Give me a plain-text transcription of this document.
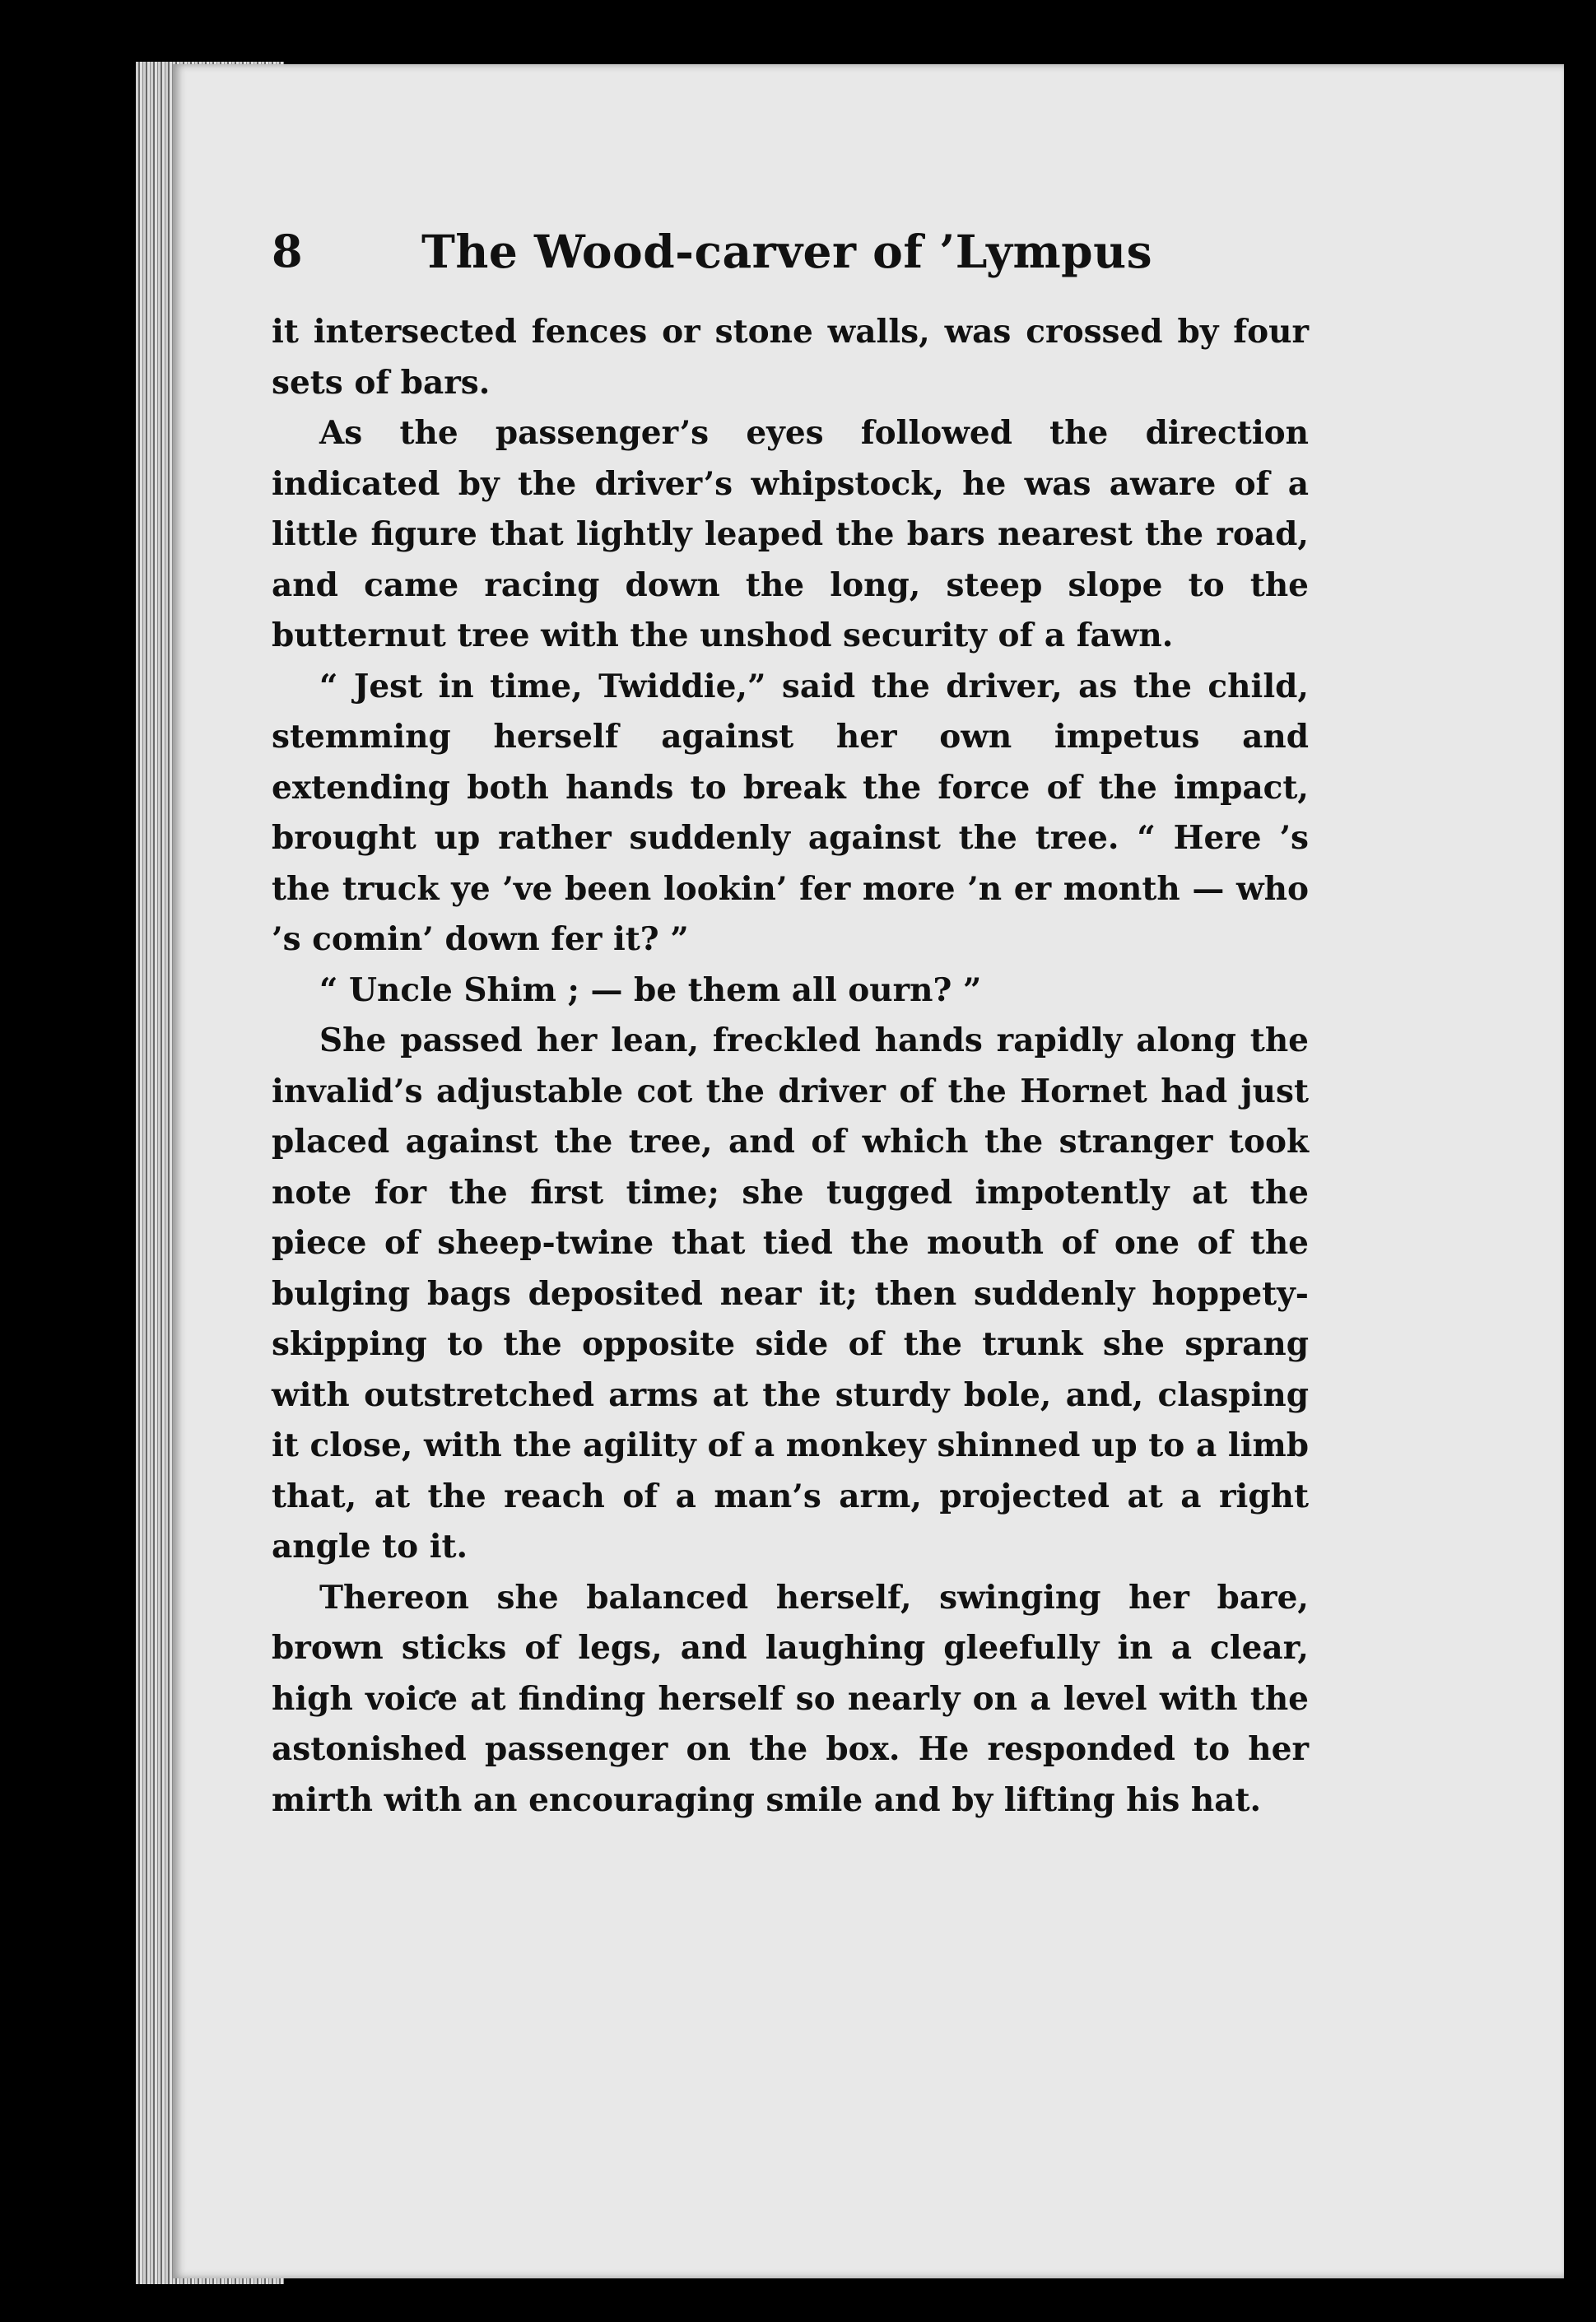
8	The Wood-carver of ’Lympus

it intersected fences or stone walls, was crossed by four sets of bars.

As the passenger’s eyes followed the direction indicated by the driver’s whipstock, he was aware of a little figure that lightly leaped the bars nearest the road, and came racing down the long, steep slope to the butternut tree with the unshod security of a fawn.

“ Jest in time, Twiddie,” said the driver, as the child, stemming herself against her own impetus and extending both hands to break the force of the impact, brought up rather suddenly against the tree. “ Here ’s the truck ye ’ve been lookin’ fer more ’n er month — who ’s comin’ down fer it? ”

“ Uncle Shim ; — be them all ourn? ”

She passed her lean, freckled hands rapidly along the invalid’s adjustable cot the driver of the Hornet had just placed against the tree, and of which the stranger took note for the first time; she tugged impotently at the piece of sheep-twine that tied the mouth of one of the bulging bags deposited near it; then suddenly hoppety-skipping to the opposite side of the trunk she sprang with outstretched arms at the sturdy bole, and, clasping it close, with the agility of a monkey shinned up to a limb that, at the reach of a man’s arm, projected at a right angle to it.

Thereon she balanced herself, swinging her bare, brown sticks of legs, and laughing gleefully in a clear, high voice at finding herself so nearly on a level with the astonished passenger on the box. He responded to her mirth with an encouraging smile and by lifting his hat.
